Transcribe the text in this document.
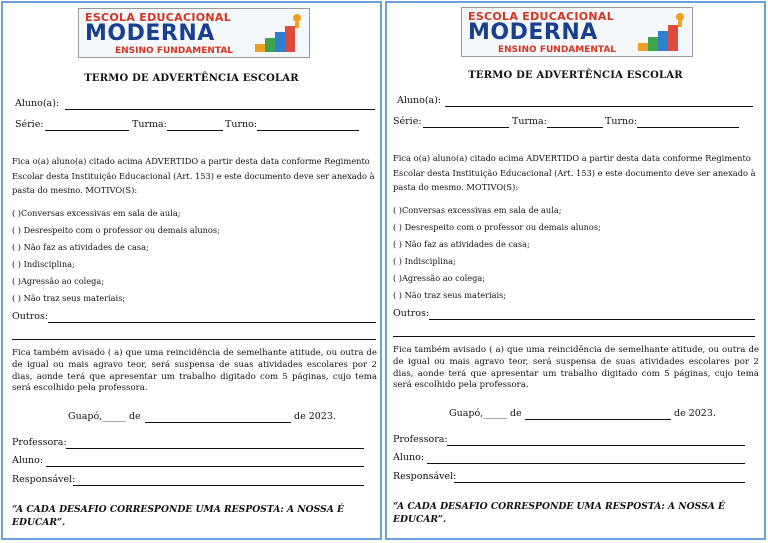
ESCOLA EDUCACIONAL
MODERNA
ENSINO FUNDAMENTAL
TERMO DE ADVERTÊNCIA ESCOLAR
Aluno(a):
Série:	Turma:	Turno:
Fica o(a) aluno(a) citado acima ADVERTIDO a partir desta data conforme Regimento
Escolar desta Instituição Educacional (Art. 153) e este documento deve ser anexado à
pasta do mesmo. MOTIVO(S):
( )Conversas excessivas em sala de aula;
( ) Desrespeito com o professor ou demais alunos;
( ) Não faz as atividades de casa;
( ) Indisciplina;
( )Agressão ao colega;
( ) Não traz seus materiais;
Outros:
Fica também avisado ( a) que uma reincidência de semelhante atitude, ou outra de de igual ou mais agravo teor, será suspensa de suas atividades escolares por 2 dias, aonde terá que apresentar um trabalho digitado com 5 páginas, cujo tema será escolhido pela professora.
Guapó,_____ de	de 2023.
Professora:
Aluno:
Responsável:
“A CADA DESAFIO CORRESPONDE UMA RESPOSTA: A NOSSA É EDUCAR”.
ESCOLA EDUCACIONAL
MODERNA
ENSINO FUNDAMENTAL
TERMO DE ADVERTÊNCIA ESCOLAR
Aluno(a):
Série:	Turma:	Turno:
Fica o(a) aluno(a) citado acima ADVERTIDO a partir desta data conforme Regimento
Escolar desta Instituição Educacional (Art. 153) e este documento deve ser anexado à
pasta do mesmo. MOTIVO(S):
( )Conversas excessivas em sala de aula;
( ) Desrespeito com o professor ou demais alunos;
( ) Não faz as atividades de casa;
( ) Indisciplina;
( )Agressão ao colega;
( ) Não traz seus materiais;
Outros:
Fica também avisado ( a) que uma reincidência de semelhante atitude, ou outra de de igual ou mais agravo teor, será suspensa de suas atividades escolares por 2 dias, aonde terá que apresentar um trabalho digitado com 5 páginas, cujo tema será escolhido pela professora.
Guapó,_____ de	de 2023.
Professora:
Aluno:
Responsável:
“A CADA DESAFIO CORRESPONDE UMA RESPOSTA: A NOSSA É EDUCAR”.
